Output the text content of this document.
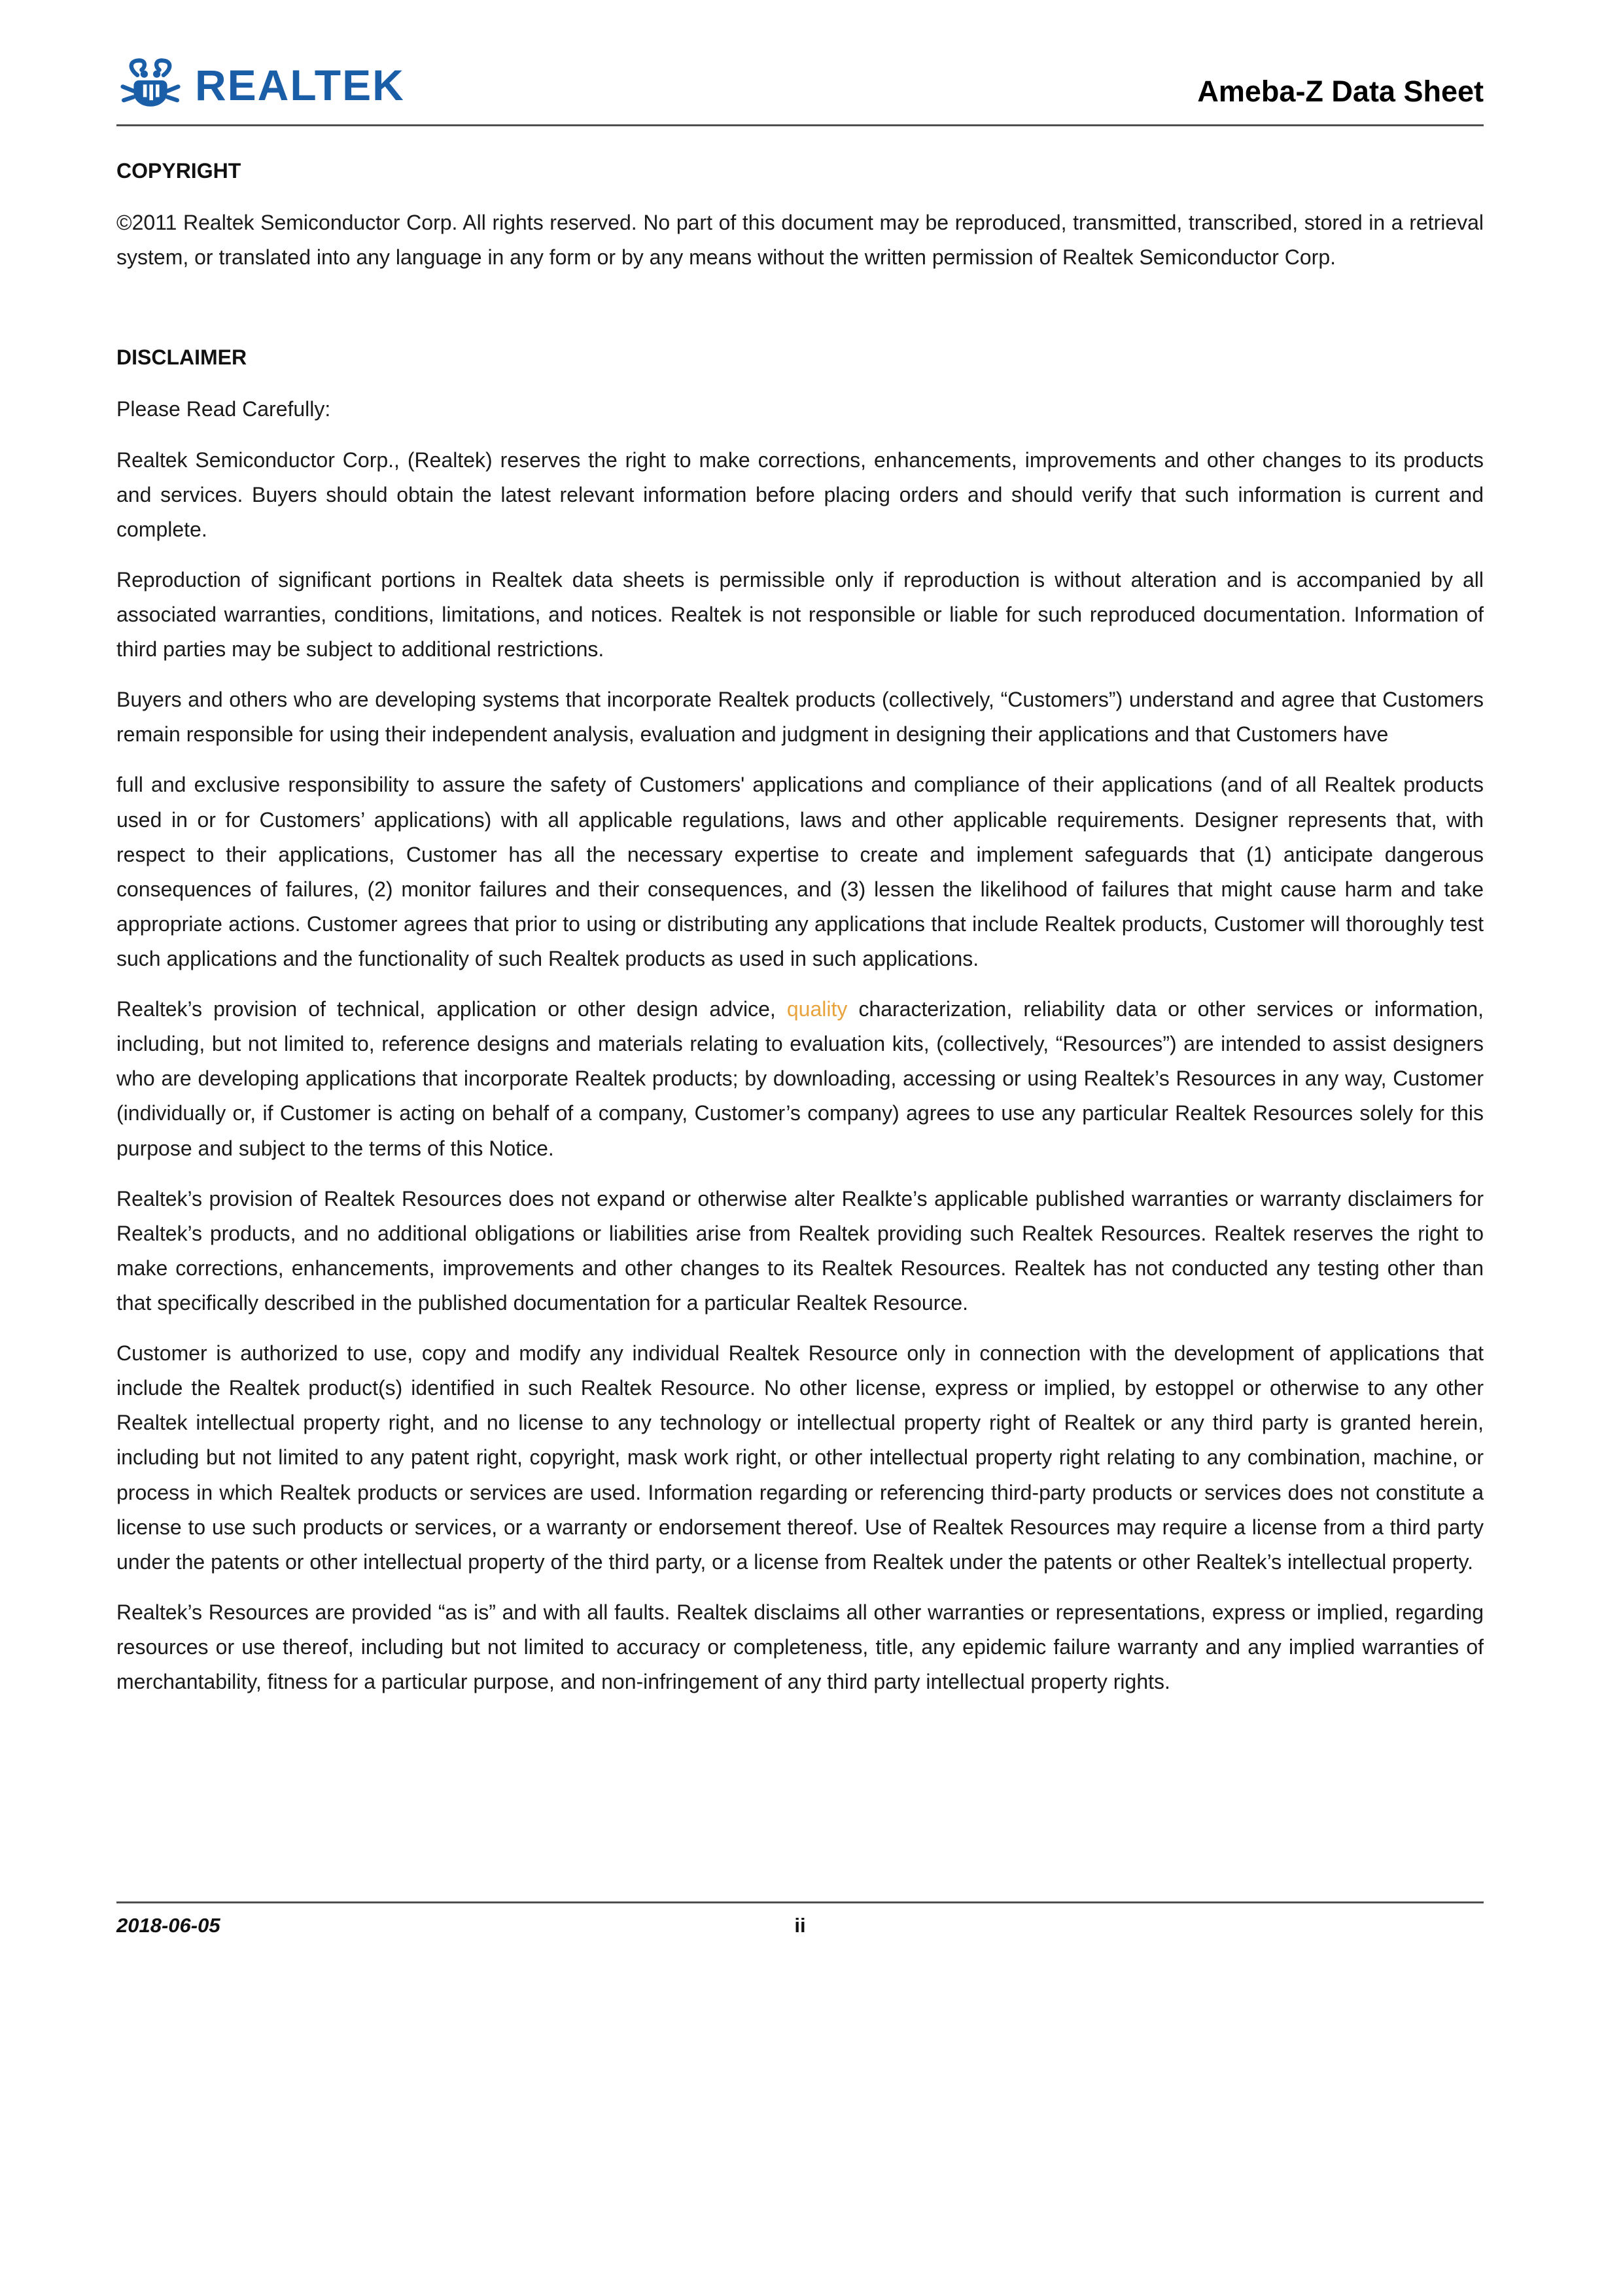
REALTEK	Ameba-Z Data Sheet
COPYRIGHT

©2011 Realtek Semiconductor Corp. All rights reserved. No part of this document may be reproduced, transmitted, transcribed, stored in a retrieval system, or translated into any language in any form or by any means without the written permission of Realtek Semiconductor Corp.

DISCLAIMER

Please Read Carefully:

Realtek Semiconductor Corp., (Realtek) reserves the right to make corrections, enhancements, improvements and other changes to its products and services. Buyers should obtain the latest relevant information before placing orders and should verify that such information is current and complete.

Reproduction of significant portions in Realtek data sheets is permissible only if reproduction is without alteration and is accompanied by all associated warranties, conditions, limitations, and notices. Realtek is not responsible or liable for such reproduced documentation. Information of third parties may be subject to additional restrictions.

Buyers and others who are developing systems that incorporate Realtek products (collectively, “Customers”) understand and agree that Customers remain responsible for using their independent analysis, evaluation and judgment in designing their applications and that Customers have

full and exclusive responsibility to assure the safety of Customers' applications and compliance of their applications (and of all Realtek products used in or for Customers’ applications) with all applicable regulations, laws and other applicable requirements. Designer represents that, with respect to their applications, Customer has all the necessary expertise to create and implement safeguards that (1) anticipate dangerous consequences of failures, (2) monitor failures and their consequences, and (3) lessen the likelihood of failures that might cause harm and take appropriate actions. Customer agrees that prior to using or distributing any applications that include Realtek products, Customer will thoroughly test such applications and the functionality of such Realtek products as used in such applications.

Realtek’s provision of technical, application or other design advice, quality characterization, reliability data or other services or information, including, but not limited to, reference designs and materials relating to evaluation kits, (collectively, “Resources”) are intended to assist designers who are developing applications that incorporate Realtek products; by downloading, accessing or using Realtek’s Resources in any way, Customer (individually or, if Customer is acting on behalf of a company, Customer’s company) agrees to use any particular Realtek Resources solely for this purpose and subject to the terms of this Notice.

Realtek’s provision of Realtek Resources does not expand or otherwise alter Realkte’s applicable published warranties or warranty disclaimers for Realtek’s products, and no additional obligations or liabilities arise from Realtek providing such Realtek Resources. Realtek reserves the right to make corrections, enhancements, improvements and other changes to its Realtek Resources. Realtek has not conducted any testing other than that specifically described in the published documentation for a particular Realtek Resource.

Customer is authorized to use, copy and modify any individual Realtek Resource only in connection with the development of applications that include the Realtek product(s) identified in such Realtek Resource. No other license, express or implied, by estoppel or otherwise to any other Realtek intellectual property right, and no license to any technology or intellectual property right of Realtek or any third party is granted herein, including but not limited to any patent right, copyright, mask work right, or other intellectual property right relating to any combination, machine, or process in which Realtek products or services are used. Information regarding or referencing third-party products or services does not constitute a license to use such products or services, or a warranty or endorsement thereof. Use of Realtek Resources may require a license from a third party under the patents or other intellectual property of the third party, or a license from Realtek under the patents or other Realtek’s intellectual property.

Realtek’s Resources are provided “as is” and with all faults. Realtek disclaims all other warranties or representations, express or implied, regarding resources or use thereof, including but not limited to accuracy or completeness, title, any epidemic failure warranty and any implied warranties of merchantability, fitness for a particular purpose, and non-infringement of any third party intellectual property rights.

2018-06-05	ii
